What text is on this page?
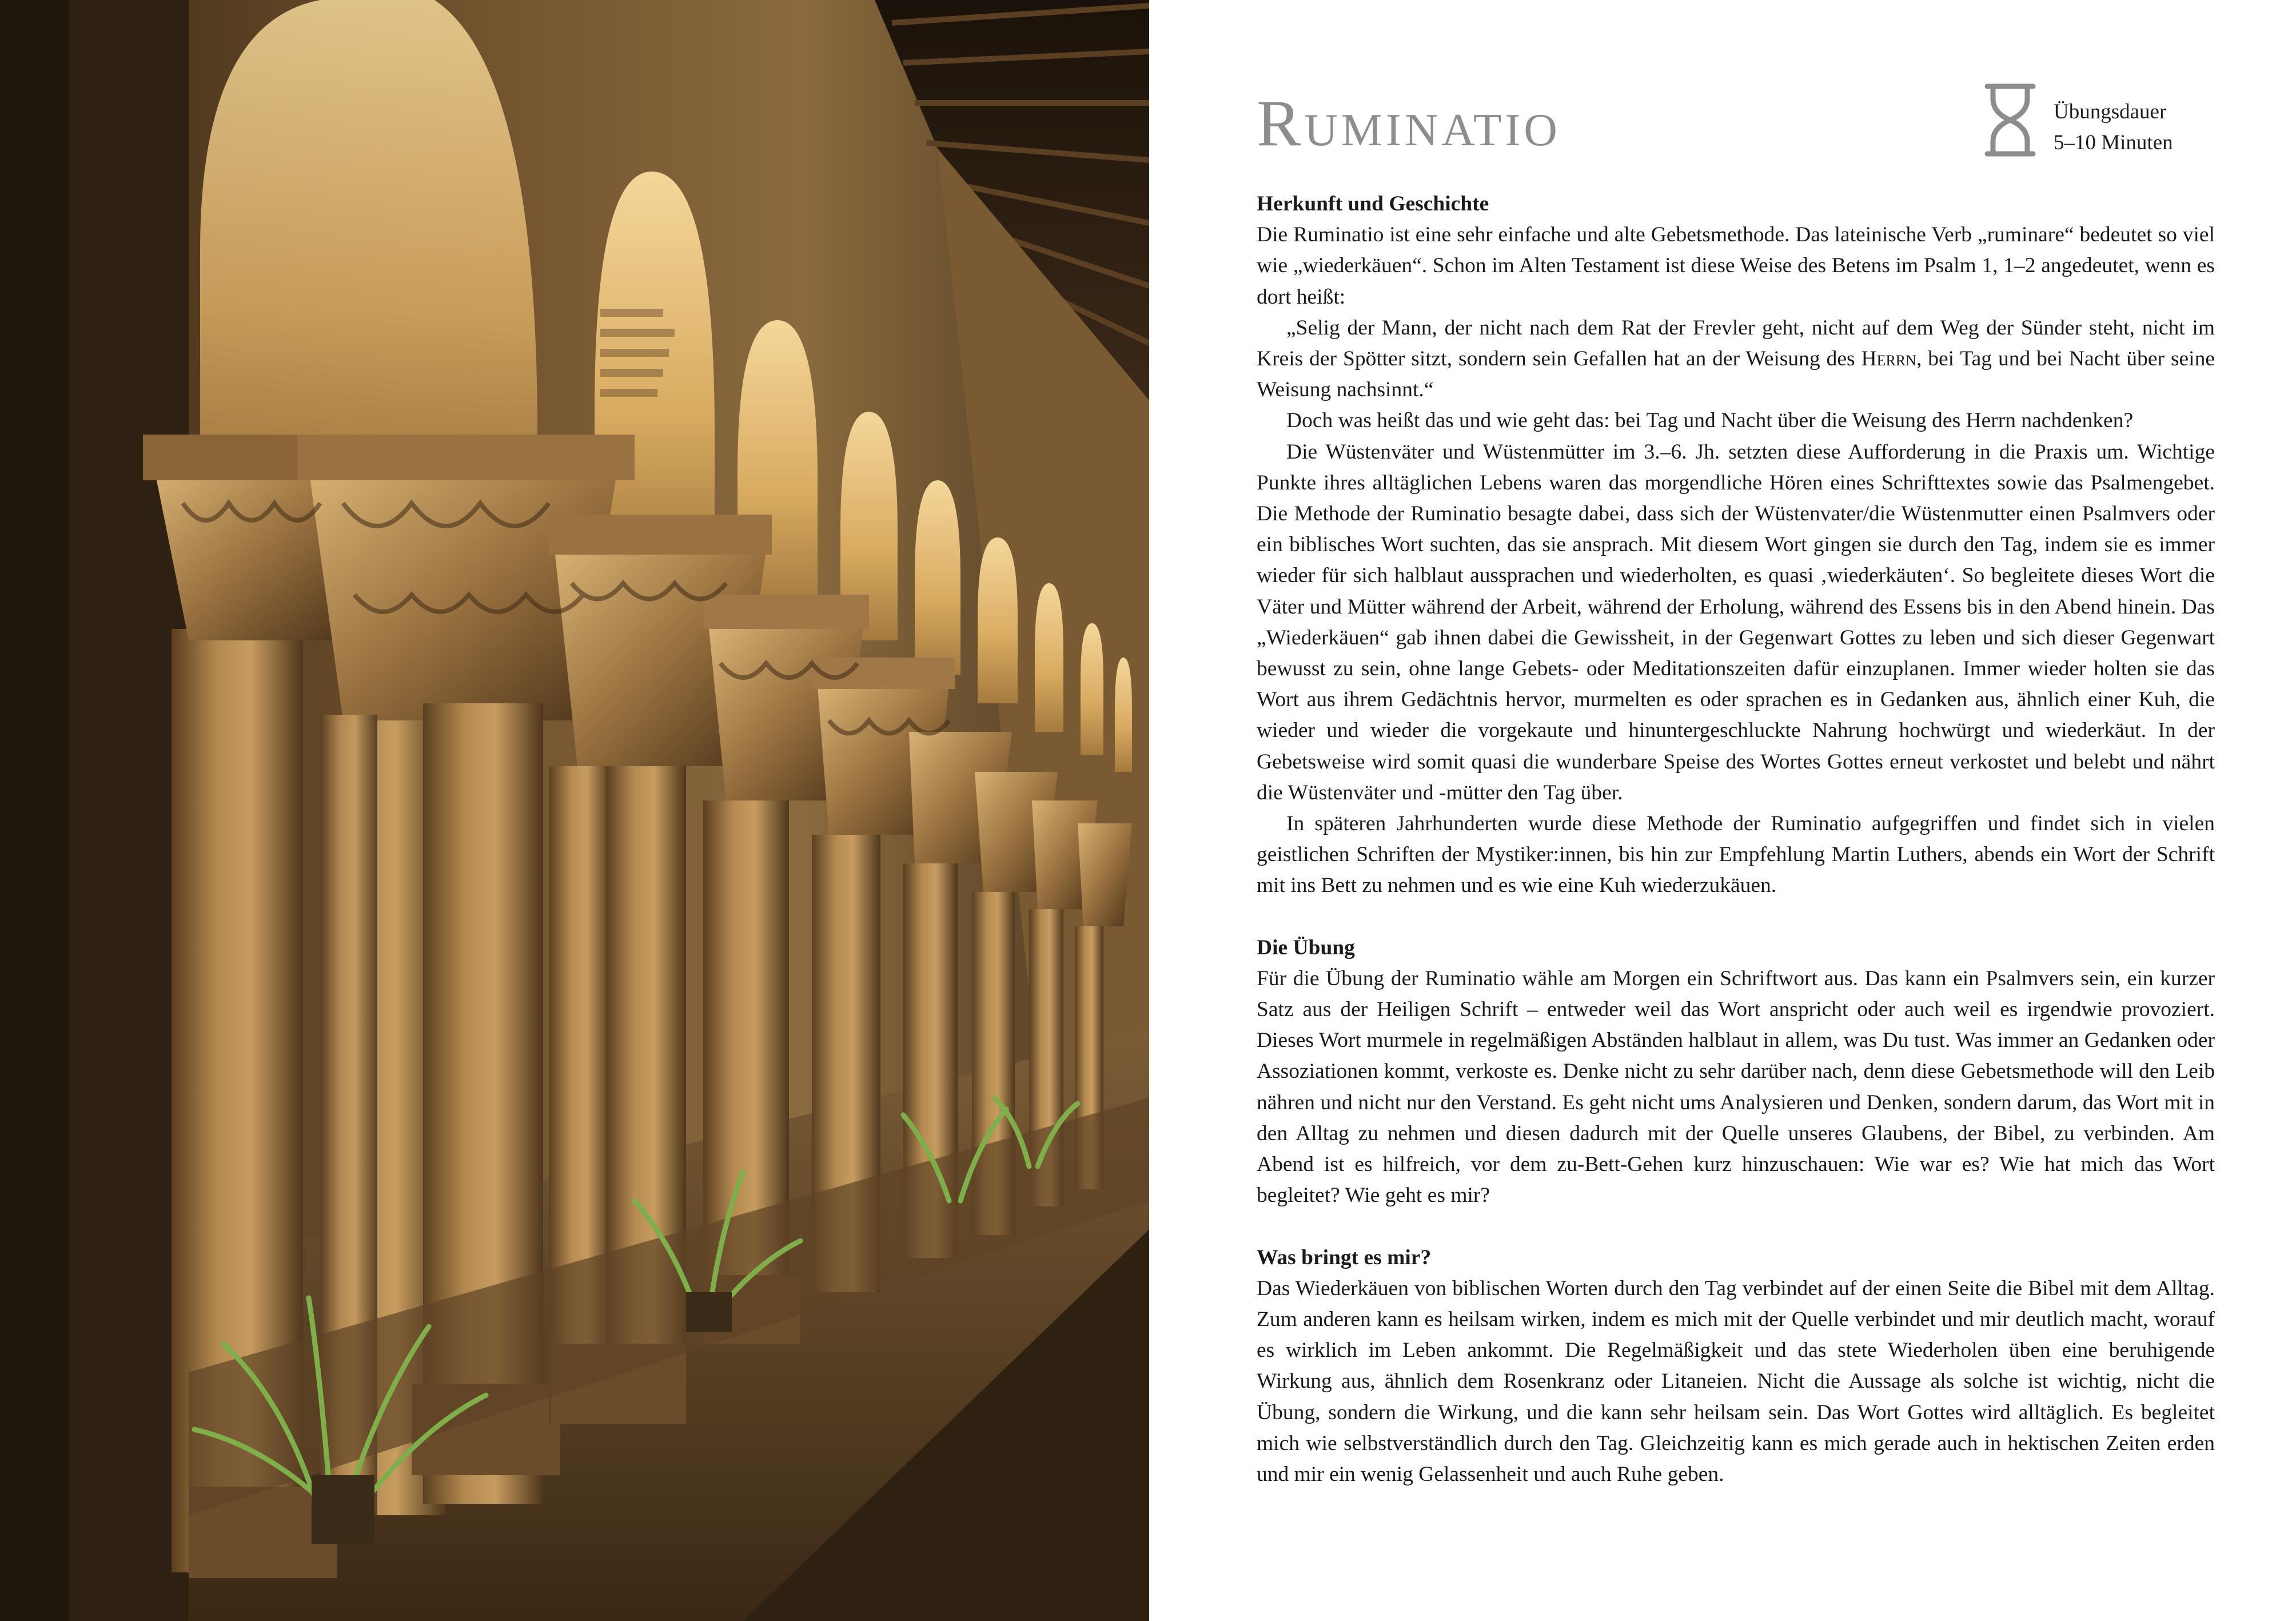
Ruminatio	Übungsdauer
5–10 Minuten
Herkunft und Geschichte

Die Ruminatio ist eine sehr einfache und alte Gebetsmethode. Das lateinische Verb „ruminare“ bedeutet so viel wie „wiederkäuen“. Schon im Alten Testament ist diese Weise des Betens im Psalm 1, 1–2 angedeutet, wenn es dort heißt:

„Selig der Mann, der nicht nach dem Rat der Frevler geht, nicht auf dem Weg der Sünder steht, nicht im Kreis der Spötter sitzt, sondern sein Gefallen hat an der Weisung des Herrn, bei Tag und bei Nacht über seine Weisung nachsinnt.“

Doch was heißt das und wie geht das: bei Tag und Nacht über die Weisung des Herrn nachdenken?

Die Wüstenväter und Wüstenmütter im 3.–6. Jh. setzten diese Aufforderung in die Praxis um. Wichtige Punkte ihres alltäglichen Lebens waren das morgendliche Hören eines Schrifttextes sowie das Psalmengebet. Die Methode der Ruminatio besagte dabei, dass sich der Wüstenvater/die Wüstenmutter einen Psalmvers oder ein biblisches Wort suchten, das sie ansprach. Mit diesem Wort gingen sie durch den Tag, indem sie es immer wieder für sich halblaut aussprachen und wiederholten, es quasi ‚wiederkäuten‘. So begleitete dieses Wort die Väter und Mütter während der Arbeit, während der Erholung, während des Essens bis in den Abend hinein. Das „Wiederkäuen“ gab ihnen dabei die Gewissheit, in der Gegenwart Gottes zu leben und sich dieser Gegenwart bewusst zu sein, ohne lange Gebets- oder Meditationszeiten dafür einzuplanen. Immer wieder holten sie das Wort aus ihrem Gedächtnis hervor, murmelten es oder sprachen es in Gedanken aus, ähnlich einer Kuh, die wieder und wieder die vorgekaute und hinuntergeschluckte Nahrung hochwürgt und wiederkäut. In der Gebetsweise wird somit quasi die wunderbare Speise des Wortes Gottes erneut verkostet und belebt und nährt die Wüstenväter und -mütter den Tag über.

In späteren Jahrhunderten wurde diese Methode der Ruminatio aufgegriffen und findet sich in vielen geistlichen Schriften der Mystiker:innen, bis hin zur Empfehlung Martin Luthers, abends ein Wort der Schrift mit ins Bett zu nehmen und es wie eine Kuh wiederzukäuen.

Die Übung

Für die Übung der Ruminatio wähle am Morgen ein Schriftwort aus. Das kann ein Psalmvers sein, ein kurzer Satz aus der Heiligen Schrift – entweder weil das Wort anspricht oder auch weil es irgendwie provoziert. Dieses Wort murmele in regelmäßigen Abständen halblaut in allem, was Du tust. Was immer an Gedanken oder Assoziationen kommt, verkoste es. Denke nicht zu sehr darüber nach, denn diese Gebetsmethode will den Leib nähren und nicht nur den Verstand. Es geht nicht ums Analysieren und Denken, sondern darum, das Wort mit in den Alltag zu nehmen und diesen dadurch mit der Quelle unseres Glaubens, der Bibel, zu verbinden. Am Abend ist es hilfreich, vor dem zu-Bett-Gehen kurz hinzuschauen: Wie war es? Wie hat mich das Wort begleitet? Wie geht es mir?

Was bringt es mir?

Das Wiederkäuen von biblischen Worten durch den Tag verbindet auf der einen Seite die Bibel mit dem Alltag. Zum anderen kann es heilsam wirken, indem es mich mit der Quelle verbindet und mir deutlich macht, worauf es wirklich im Leben ankommt. Die Regelmäßigkeit und das stete Wiederholen üben eine beruhigende Wirkung aus, ähnlich dem Rosenkranz oder Litaneien. Nicht die Aussage als solche ist wichtig, nicht die Übung, sondern die Wirkung, und die kann sehr heilsam sein. Das Wort Gottes wird alltäglich. Es begleitet mich wie selbstverständlich durch den Tag. Gleichzeitig kann es mich gerade auch in hektischen Zeiten erden und mir ein wenig Gelassenheit und auch Ruhe geben.
